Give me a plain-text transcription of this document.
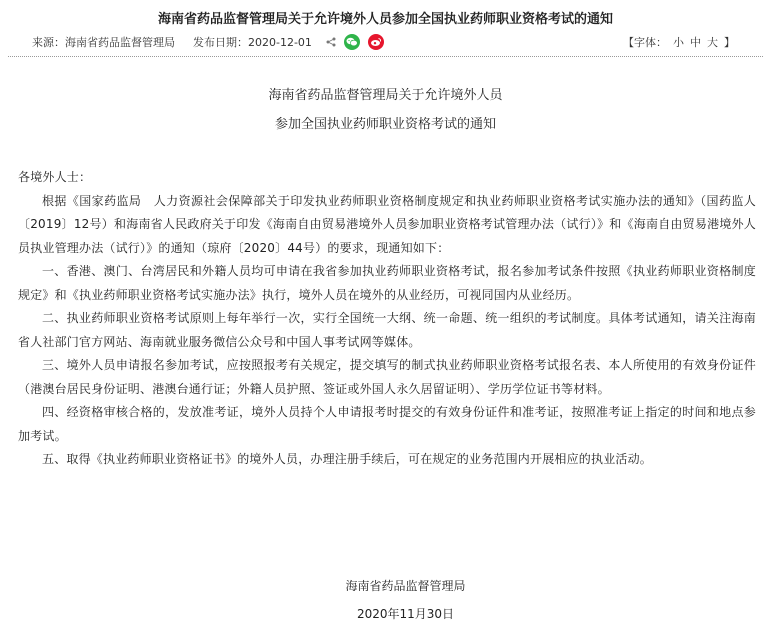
海南省药品监督管理局关于允许境外人员参加全国执业药师职业资格考试的通知
来源：海南省药品监督管理局 发布日期：2020-12-01	【字体： 小 中 大 】
海南省药品监督管理局关于允许境外人员
参加全国执业药师职业资格考试的通知

各境外人士：

根据《国家药监局　人力资源社会保障部关于印发执业药师职业资格制度规定和执业药师职业资格考试实施办法的通知》（国药监人〔2019〕12号）和海南省人民政府关于印发《海南自由贸易港境外人员参加职业资格考试管理办法（试行）》和《海南自由贸易港境外人员执业管理办法（试行）》的通知（琼府〔2020〕44号）的要求，现通知如下：

一、香港、澳门、台湾居民和外籍人员均可申请在我省参加执业药师职业资格考试，报名参加考试条件按照《执业药师职业资格制度规定》和《执业药师职业资格考试实施办法》执行，境外人员在境外的从业经历，可视同国内从业经历。

二、执业药师职业资格考试原则上每年举行一次，实行全国统一大纲、统一命题、统一组织的考试制度。具体考试通知，请关注海南省人社部门官方网站、海南就业服务微信公众号和中国人事考试网等媒体。

三、境外人员申请报名参加考试，应按照报考有关规定，提交填写的制式执业药师职业资格考试报名表、本人所使用的有效身份证件（港澳台居民身份证明、港澳台通行证；外籍人员护照、签证或外国人永久居留证明）、学历学位证书等材料。

四、经资格审核合格的，发放准考证，境外人员持个人申请报考时提交的有效身份证件和准考证，按照准考证上指定的时间和地点参加考试。

五、取得《执业药师职业资格证书》的境外人员，办理注册手续后，可在规定的业务范围内开展相应的执业活动。

海南省药品监督管理局
2020年11月30日
